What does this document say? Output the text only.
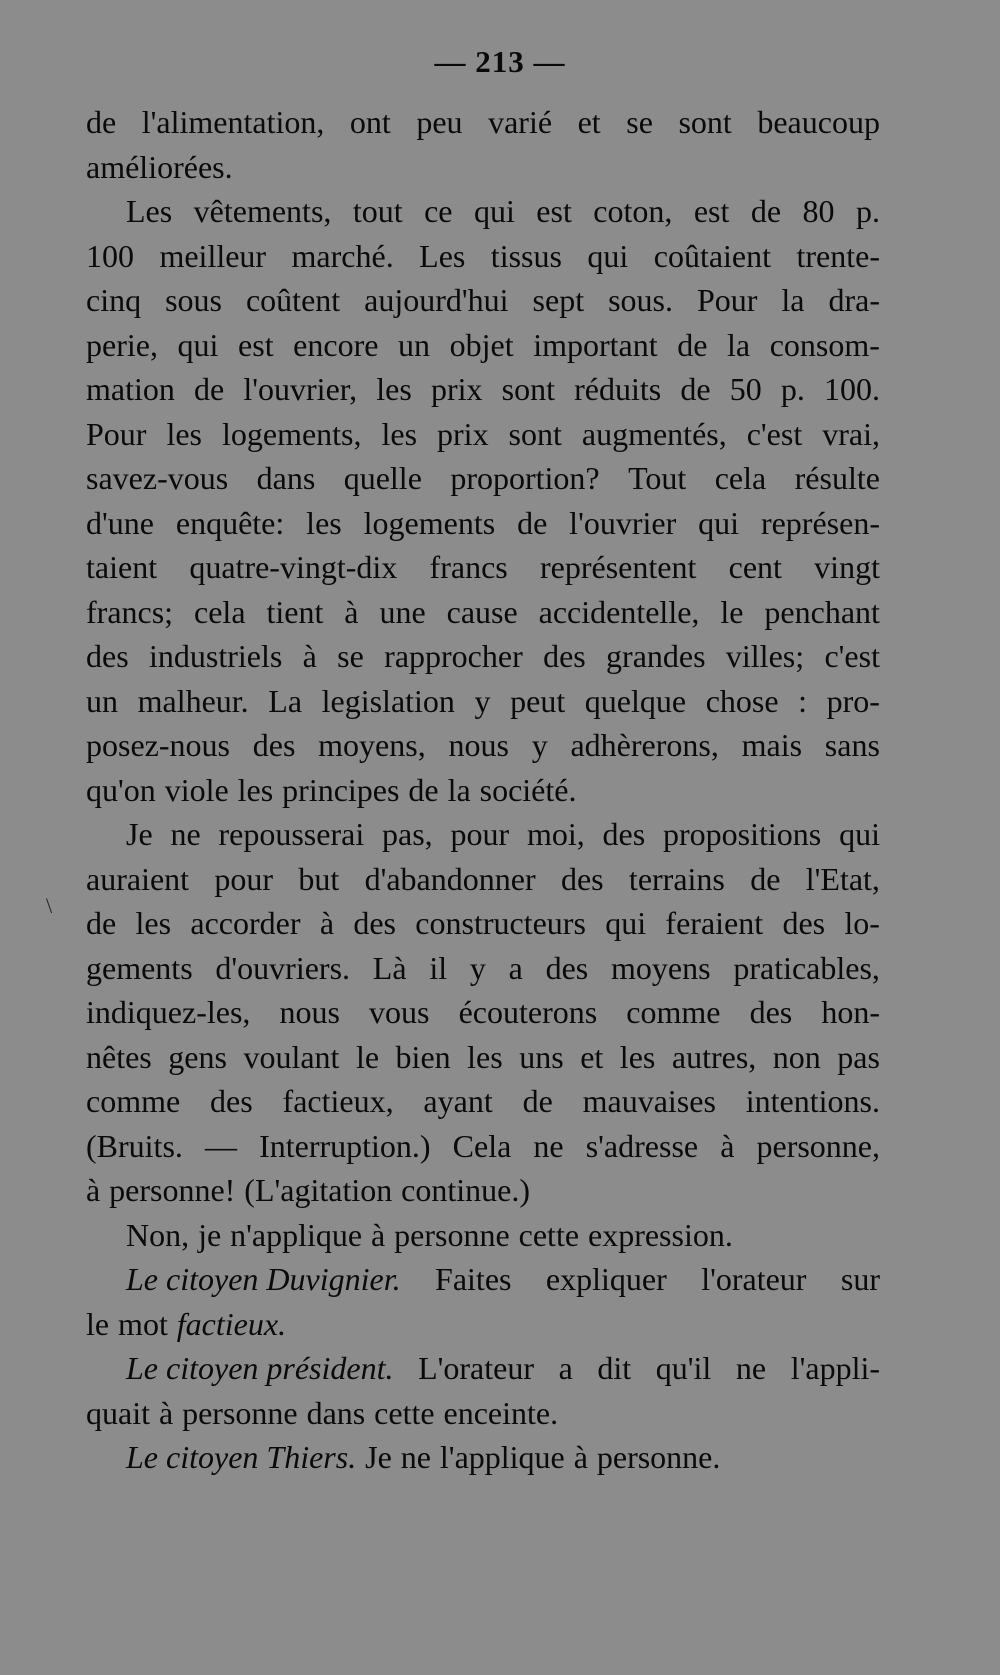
— 213 —
\
de l'alimentation, ont peu varié et se sont beaucoup
améliorées.
Les vêtements, tout ce qui est coton, est de 80 p.
100 meilleur marché. Les tissus qui coûtaient trente-
cinq sous coûtent aujourd'hui sept sous. Pour la dra-
perie, qui est encore un objet important de la consom-
mation de l'ouvrier, les prix sont réduits de 50 p. 100.
Pour les logements, les prix sont augmentés, c'est vrai,
savez-vous dans quelle proportion? Tout cela résulte
d'une enquête: les logements de l'ouvrier qui représen-
taient quatre-vingt-dix francs représentent cent vingt
francs; cela tient à une cause accidentelle, le penchant
des industriels à se rapprocher des grandes villes; c'est
un malheur. La legislation y peut quelque chose : pro-
posez-nous des moyens, nous y adhèrerons, mais sans
qu'on viole les principes de la société.
Je ne repousserai pas, pour moi, des propositions qui
auraient pour but d'abandonner des terrains de l'Etat,
de les accorder à des constructeurs qui feraient des lo-
gements d'ouvriers. Là il y a des moyens praticables,
indiquez-les, nous vous écouterons comme des hon-
nêtes gens voulant le bien les uns et les autres, non pas
comme des factieux, ayant de mauvaises intentions.
(Bruits. — Interruption.) Cela ne s'adresse à personne,
à personne! (L'agitation continue.)
Non, je n'applique à personne cette expression.
Le citoyen Duvignier. Faites expliquer l'orateur sur
le mot factieux.
Le citoyen président. L'orateur a dit qu'il ne l'appli-
quait à personne dans cette enceinte.
Le citoyen Thiers. Je ne l'applique à personne.
